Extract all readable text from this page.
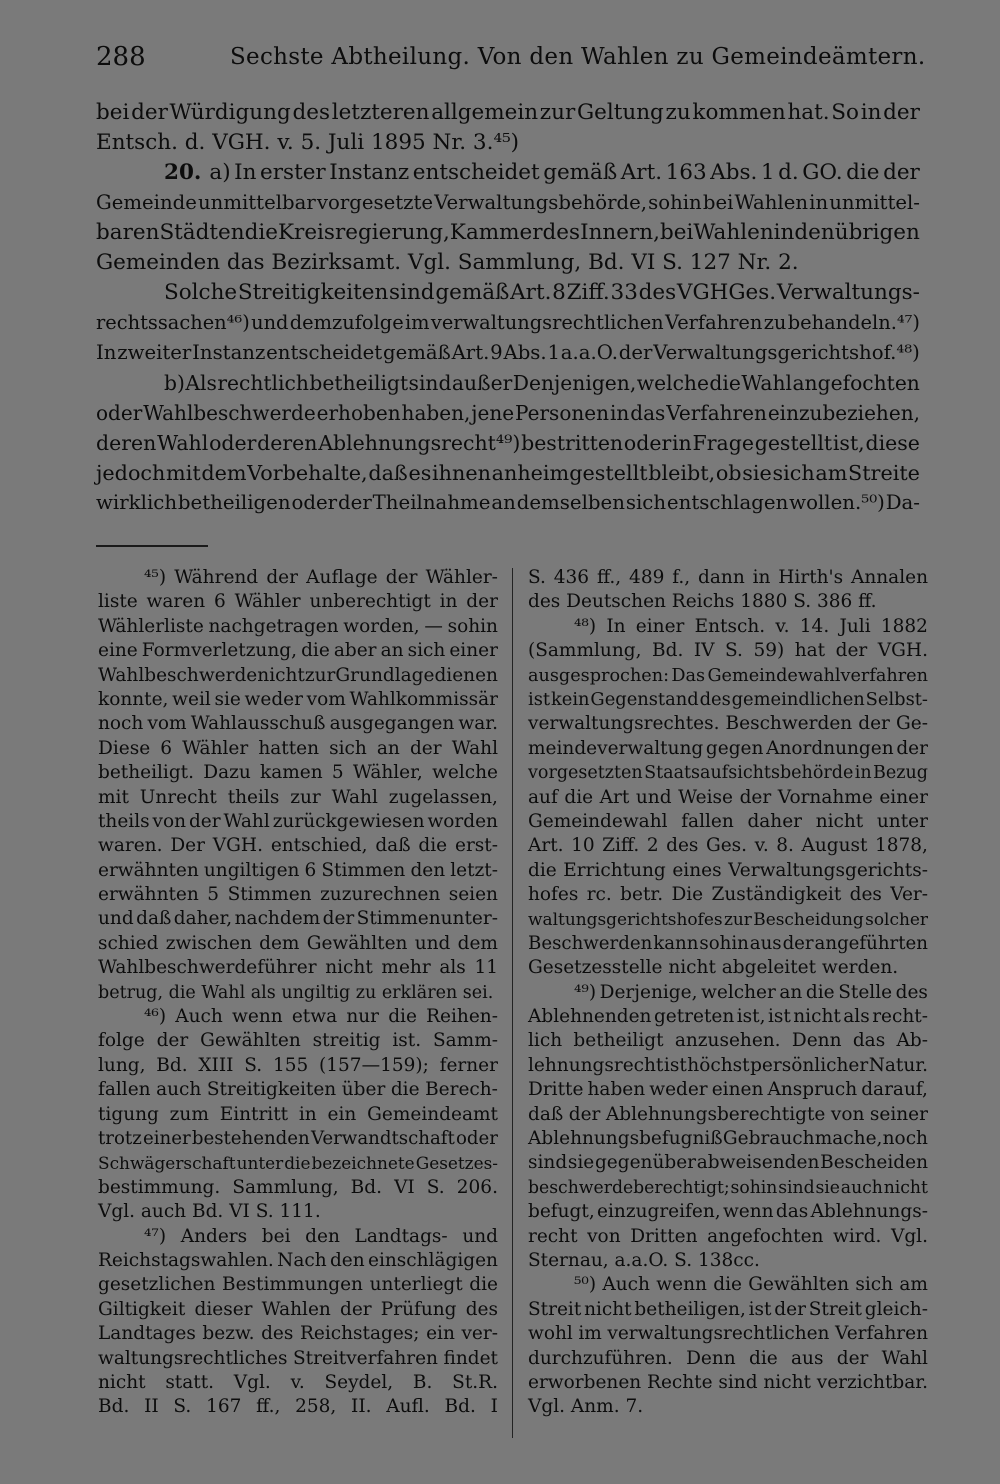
288	Sechste Abtheilung. Von den Wahlen zu Gemeindeämtern.
bei der Würdigung des letzteren allgemein zur Geltung zu kommen hat. So in der
Entsch. d. VGH. v. 5. Juli 1895 Nr. 3.⁴⁵)
20. a) In erster Instanz entscheidet gemäß Art. 163 Abs. 1 d. GO. die der
Gemeinde unmittelbar vorgesetzte Verwaltungsbehörde, sohin bei Wahlen in unmittel-
baren Städten die Kreisregierung, Kammer des Innern, bei Wahlen in den übrigen
Gemeinden das Bezirksamt. Vgl. Sammlung, Bd. VI S. 127 Nr. 2.
Solche Streitigkeiten sind gemäß Art. 8 Ziff. 33 des VGHGes. Verwaltungs-
rechtssachen⁴⁶) und demzufolge im verwaltungsrechtlichen Verfahren zu behandeln.⁴⁷)
In zweiter Instanz entscheidet gemäß Art. 9 Abs. 1 a.a.O. der Verwaltungsgerichtshof.⁴⁸)
b) Als rechtlich betheiligt sind außer Denjenigen, welche die Wahl angefochten
oder Wahlbeschwerde erhoben haben, jene Personen in das Verfahren einzubeziehen,
deren Wahl oder deren Ablehnungsrecht⁴⁹) bestritten oder in Frage gestellt ist, diese
jedoch mit dem Vorbehalte, daß es ihnen anheimgestellt bleibt, ob sie sich am Streite
wirklich betheiligen oder der Theilnahme an demselben sich entschlagen wollen.⁵⁰) Da-
⁴⁵) Während der Auflage der Wähler-
liste waren 6 Wähler unberechtigt in der
Wählerliste nachgetragen worden, — sohin
eine Formverletzung, die aber an sich einer
Wahlbeschwerde nicht zur Grundlage dienen
konnte, weil sie weder vom Wahlkommissär
noch vom Wahlausschuß ausgegangen war.
Diese 6 Wähler hatten sich an der Wahl
betheiligt. Dazu kamen 5 Wähler, welche
mit Unrecht theils zur Wahl zugelassen,
theils von der Wahl zurückgewiesen worden
waren. Der VGH. entschied, daß die erst-
erwähnten ungiltigen 6 Stimmen den letzt-
erwähnten 5 Stimmen zuzurechnen seien
und daß daher, nachdem der Stimmenunter-
schied zwischen dem Gewählten und dem
Wahlbeschwerdeführer nicht mehr als 11
betrug, die Wahl als ungiltig zu erklären sei.
⁴⁶) Auch wenn etwa nur die Reihen-
folge der Gewählten streitig ist. Samm-
lung, Bd. XIII S. 155 (157—159); ferner
fallen auch Streitigkeiten über die Berech-
tigung zum Eintritt in ein Gemeindeamt
trotz einer bestehenden Verwandtschaft oder
Schwägerschaft unter die bezeichnete Gesetzes-
bestimmung. Sammlung, Bd. VI S. 206.
Vgl. auch Bd. VI S. 111.
⁴⁷) Anders bei den Landtags- und
Reichstagswahlen. Nach den einschlägigen
gesetzlichen Bestimmungen unterliegt die
Giltigkeit dieser Wahlen der Prüfung des
Landtages bezw. des Reichstages; ein ver-
waltungsrechtliches Streitverfahren findet
nicht statt. Vgl. v. Seydel, B. St.R.
Bd. II S. 167 ff., 258, II. Aufl. Bd. I
S. 436 ff., 489 f., dann in Hirth's Annalen
des Deutschen Reichs 1880 S. 386 ff.
⁴⁸) In einer Entsch. v. 14. Juli 1882
(Sammlung, Bd. IV S. 59) hat der VGH.
ausgesprochen: Das Gemeindewahlverfahren
ist kein Gegenstand des gemeindlichen Selbst-
verwaltungsrechtes. Beschwerden der Ge-
meindeverwaltung gegen Anordnungen der
vorgesetzten Staatsaufsichtsbehörde in Bezug
auf die Art und Weise der Vornahme einer
Gemeindewahl fallen daher nicht unter
Art. 10 Ziff. 2 des Ges. v. 8. August 1878,
die Errichtung eines Verwaltungsgerichts-
hofes rc. betr. Die Zuständigkeit des Ver-
waltungsgerichtshofes zur Bescheidung solcher
Beschwerden kann sohin aus der angeführten
Gesetzesstelle nicht abgeleitet werden.
⁴⁹) Derjenige, welcher an die Stelle des
Ablehnenden getreten ist, ist nicht als recht-
lich betheiligt anzusehen. Denn das Ab-
lehnungsrecht ist höchst persönlicher Natur.
Dritte haben weder einen Anspruch darauf,
daß der Ablehnungsberechtigte von seiner
Ablehnungsbefugniß Gebrauch mache, noch
sind sie gegenüber abweisenden Bescheiden
beschwerdeberechtigt; sohin sind sie auch nicht
befugt, einzugreifen, wenn das Ablehnungs-
recht von Dritten angefochten wird. Vgl.
Sternau, a.a.O. S. 138cc.
⁵⁰) Auch wenn die Gewählten sich am
Streit nicht betheiligen, ist der Streit gleich-
wohl im verwaltungsrechtlichen Verfahren
durchzuführen. Denn die aus der Wahl
erworbenen Rechte sind nicht verzichtbar.
Vgl. Anm. 7.
